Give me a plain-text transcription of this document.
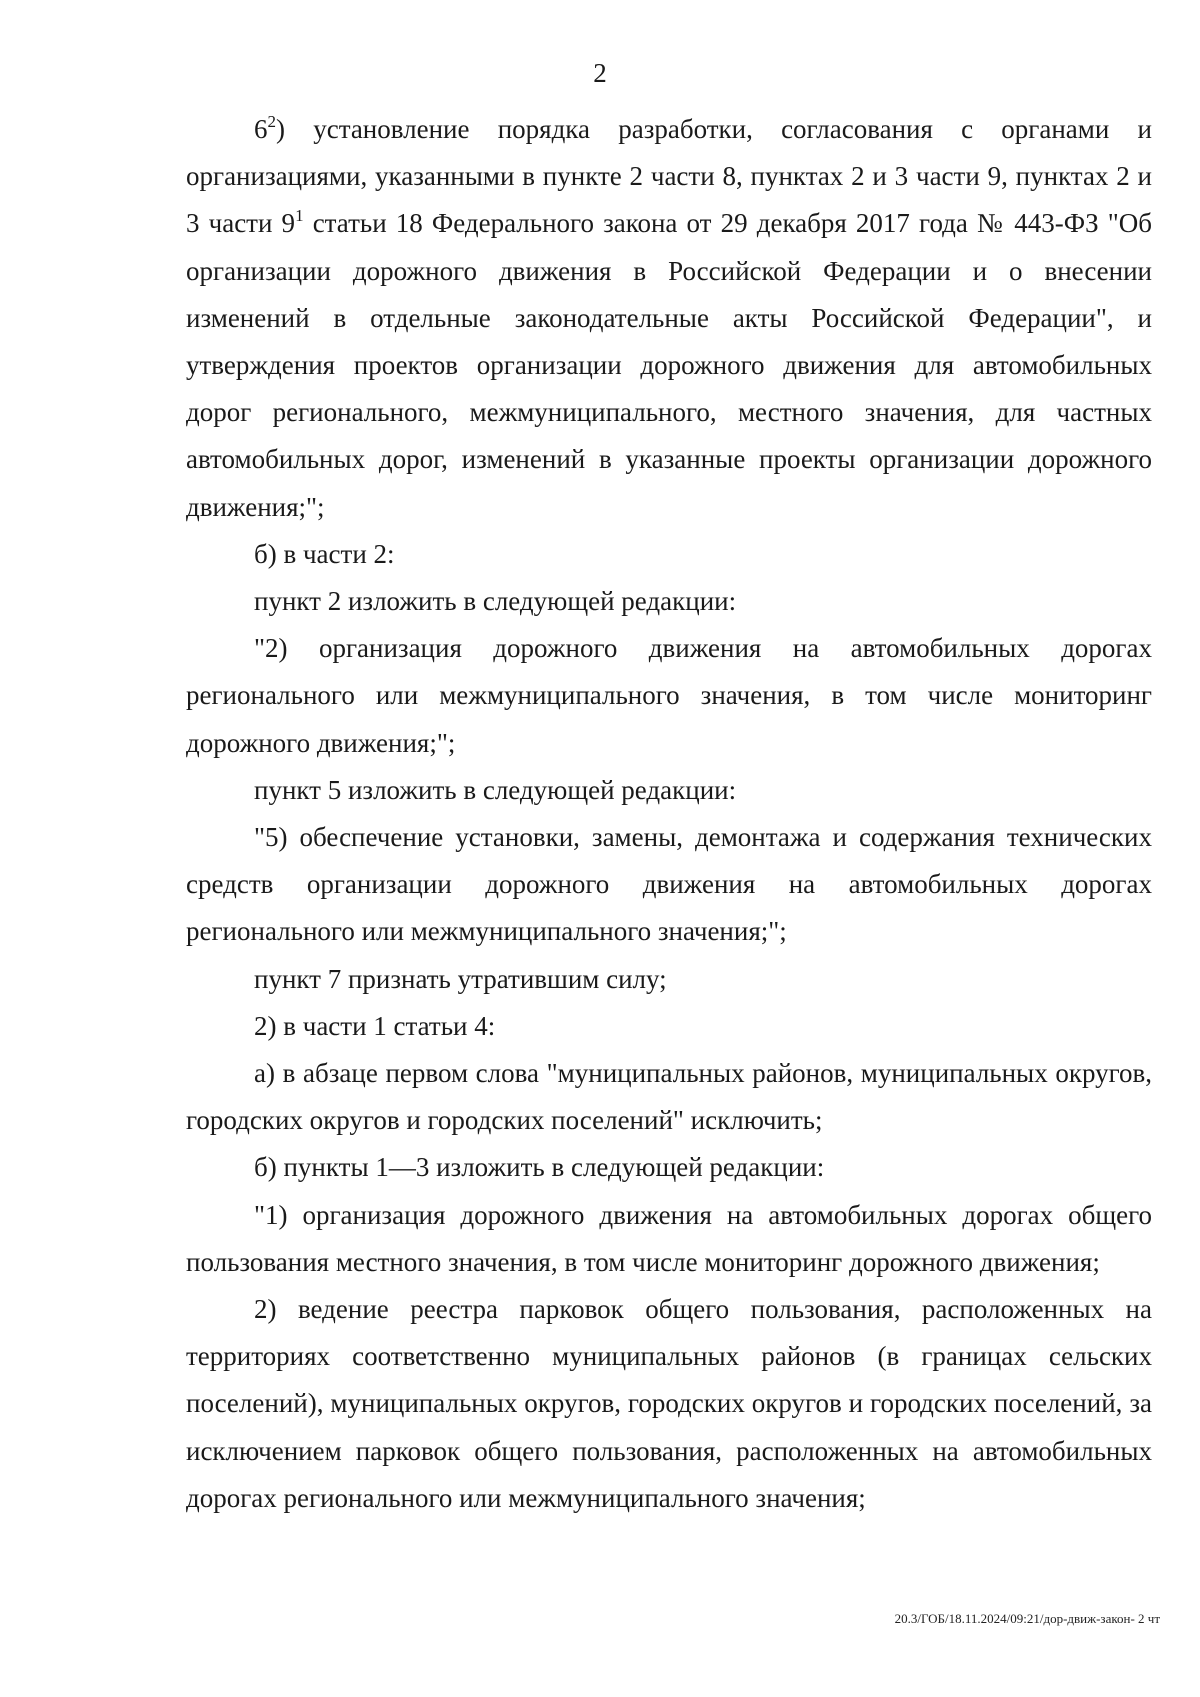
2

$6^2$) установление порядка разработки, согласования с органами и организациями, указанными в пункте 2 части 8, пунктах 2 и 3 части 9, пунктах 2 и 3 части $9^1$ статьи 18 Федерального закона от 29 декабря 2017 года № 443-ФЗ "Об организации дорожного движения в Российской Федерации и о внесении изменений в отдельные законодательные акты Российской Федерации", и утверждения проектов организации дорожного движения для автомобильных дорог регионального, межмуниципального, местного значения, для частных автомобильных дорог, изменений в указанные проекты организации дорожного движения;";

б) в части 2:

пункт 2 изложить в следующей редакции:

"2) организация дорожного движения на автомобильных дорогах регионального или межмуниципального значения, в том числе мониторинг дорожного движения;";

пункт 5 изложить в следующей редакции:

"5) обеспечение установки, замены, демонтажа и содержания технических средств организации дорожного движения на автомобильных дорогах регионального или межмуниципального значения;";

пункт 7 признать утратившим силу;

2) в части 1 статьи 4:

а) в абзаце первом слова "муниципальных районов, муниципальных округов, городских округов и городских поселений" исключить;

б) пункты 1—3 изложить в следующей редакции:

"1) организация дорожного движения на автомобильных дорогах общего пользования местного значения, в том числе мониторинг дорожного движения;

2) ведение реестра парковок общего пользования, расположенных на территориях соответственно муниципальных районов (в границах сельских поселений), муниципальных округов, городских округов и городских поселений, за исключением парковок общего пользования, расположенных на автомобильных дорогах регионального или межмуниципального значения;

20.3/ГОБ/18.11.2024/09:21/дор-движ-закон- 2 чт
